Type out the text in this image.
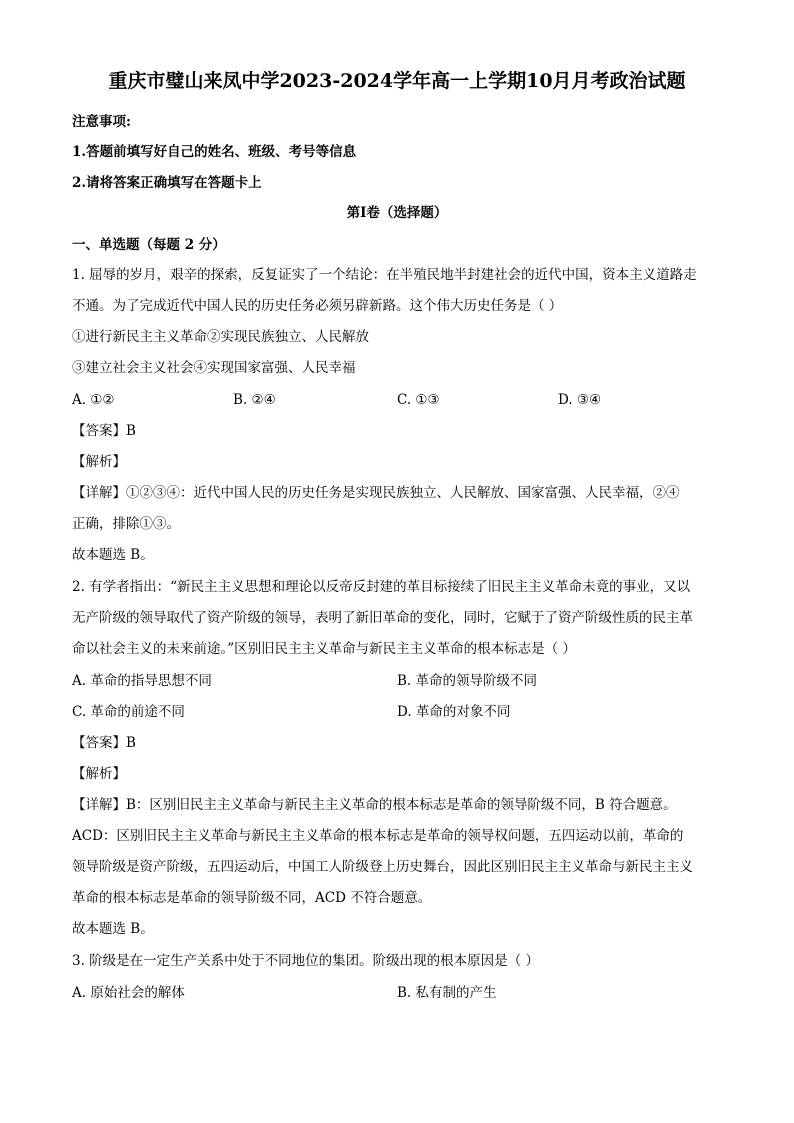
重庆市璧山来凤中学2023-2024学年高一上学期10月月考政治试题
注意事项:
1.答题前填写好自己的姓名、班级、考号等信息
2.请将答案正确填写在答题卡上
第I卷（选择题）
一、单选题（每题 2 分）
1. 屈辱的岁月，艰辛的探索，反复证实了一个结论：在半殖民地半封建社会的近代中国，资本主义道路走
不通。为了完成近代中国人民的历史任务必须另辟新路。这个伟大历史任务是（ ）
①进行新民主主义革命②实现民族独立、人民解放
③建立社会主义社会④实现国家富强、人民幸福
A. ①②	B. ②④	C. ①③	D. ③④
【答案】B
【解析】
【详解】①②③④：近代中国人民的历史任务是实现民族独立、人民解放、国家富强、人民幸福，②④
正确，排除①③。
故本题选 B。
2. 有学者指出：“新民主主义思想和理论以反帝反封建的革目标接续了旧民主主义革命未竟的事业，又以
无产阶级的领导取代了资产阶级的领导，表明了新旧革命的变化，同时，它赋于了资产阶级性质的民主革
命以社会主义的未来前途。”区别旧民主主义革命与新民主主义革命的根本标志是（ ）
A. 革命的指导思想不同	B. 革命的领导阶级不同
C. 革命的前途不同	D. 革命的对象不同
【答案】B
【解析】
【详解】B：区别旧民主主义革命与新民主主义革命的根本标志是革命的领导阶级不同，B 符合题意。
ACD：区别旧民主主义革命与新民主主义革命的根本标志是革命的领导权问题，五四运动以前，革命的
领导阶级是资产阶级，五四运动后，中国工人阶级登上历史舞台，因此区别旧民主主义革命与新民主主义
革命的根本标志是革命的领导阶级不同，ACD 不符合题意。
故本题选 B。
3. 阶级是在一定生产关系中处于不同地位的集团。阶级出现的根本原因是（ ）
A. 原始社会的解体	B. 私有制的产生
